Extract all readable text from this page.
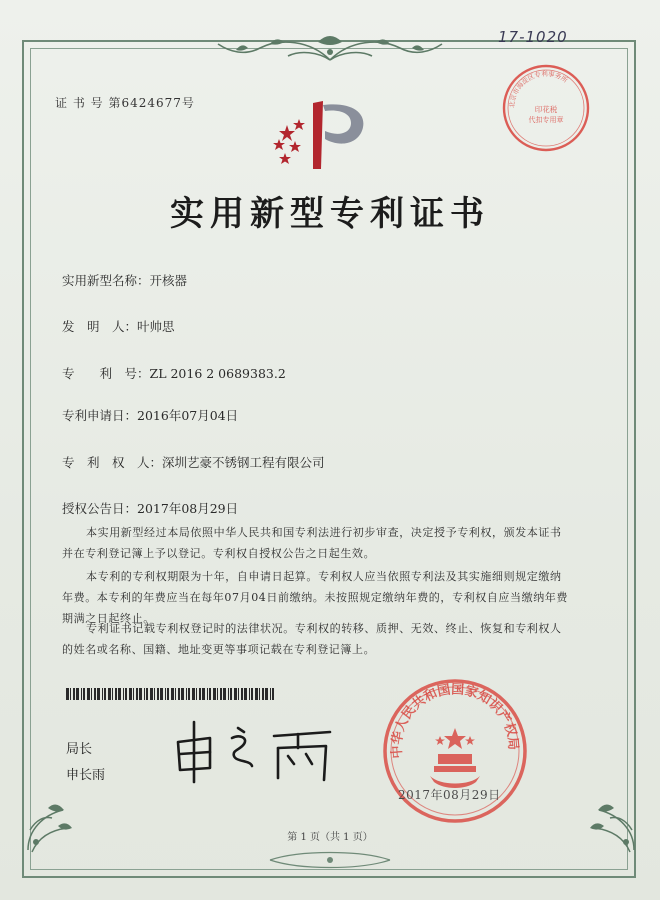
17-1020
证 书 号 第6424677号	北京市海淀区专利事务所
印花税
代扣专用章
实用新型专利证书
实用新型名称：开核器
发　明　人：叶帅思
专　　利　号：ZL 2016 2 0689383.2
专利申请日：2016年07月04日
专　利　权　人：深圳艺豪不锈钢工程有限公司
授权公告日：2017年08月29日

本实用新型经过本局依照中华人民共和国专利法进行初步审查，决定授予专利权，颁发本证书并在专利登记簿上予以登记。专利权自授权公告之日起生效。

本专利的专利权期限为十年，自申请日起算。专利权人应当依照专利法及其实施细则规定缴纳年费。本专利的年费应当在每年07月04日前缴纳。未按照规定缴纳年费的，专利权自应当缴纳年费期满之日起终止。

专利证书记载专利权登记时的法律状况。专利权的转移、质押、无效、终止、恢复和专利权人的姓名或名称、国籍、地址变更等事项记载在专利登记簿上。

局长
申长雨
中华人民共和国国家知识产权局
2017年08月29日
第 1 页（共 1 页）
